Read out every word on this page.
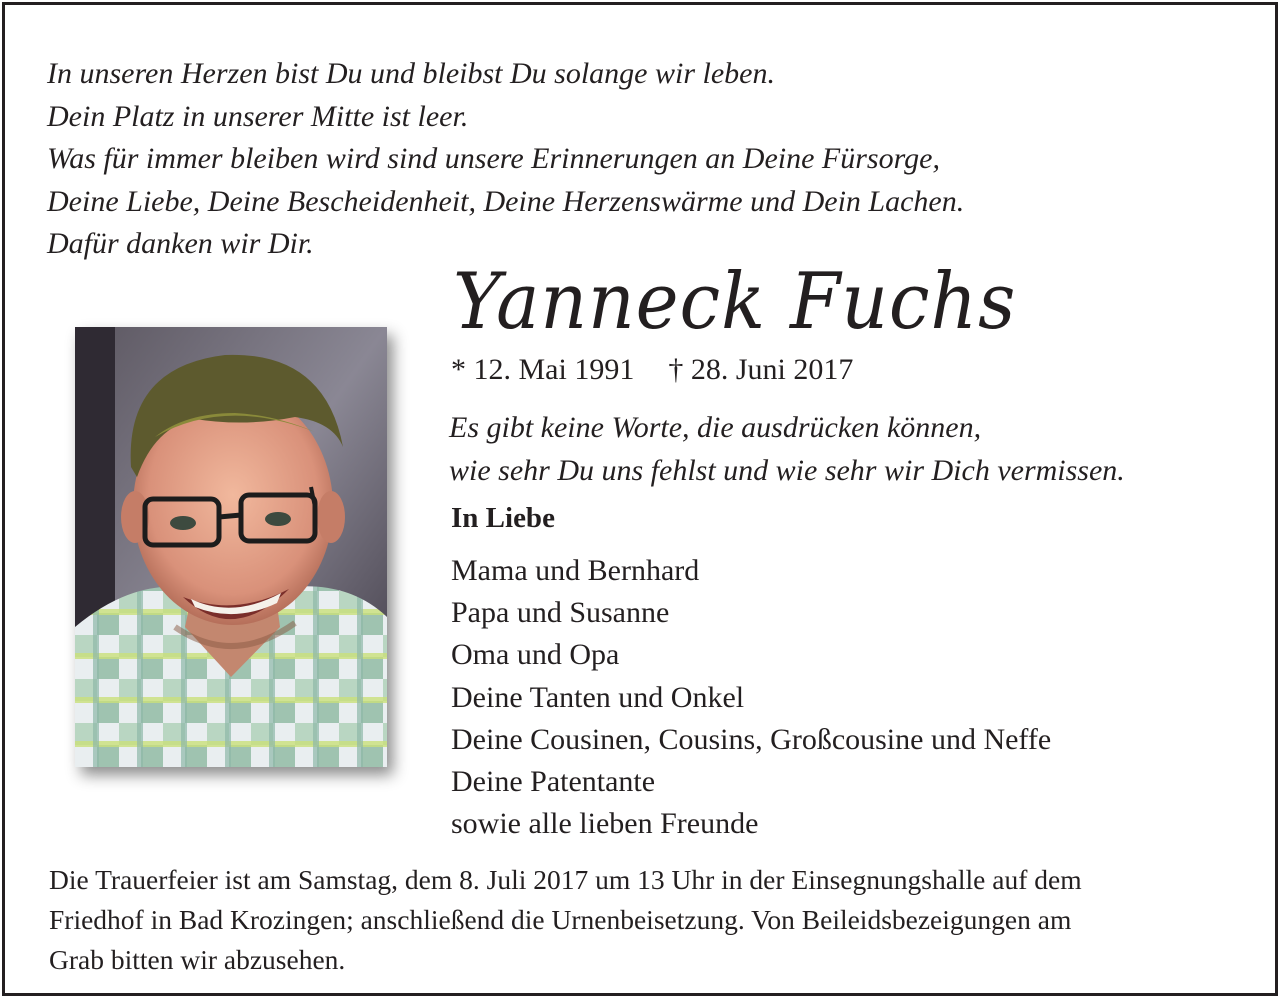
In unseren Herzen bist Du und bleibst Du solange wir leben.
Dein Platz in unserer Mitte ist leer.
Was für immer bleiben wird sind unsere Erinnerungen an Deine Fürsorge,
Deine Liebe, Deine Bescheidenheit, Deine Herzenswärme und Dein Lachen.
Dafür danken wir Dir.
Yanneck Fuchs
* 12. Mai 1991 † 28. Juni 2017
Es gibt keine Worte, die ausdrücken können,
wie sehr Du uns fehlst und wie sehr wir Dich vermissen.
In Liebe
Mama und Bernhard
Papa und Susanne
Oma und Opa
Deine Tanten und Onkel
Deine Cousinen, Cousins, Großcousine und Neffe
Deine Patentante
sowie alle lieben Freunde
Die Trauerfeier ist am Samstag, dem 8. Juli 2017 um 13 Uhr in der Einsegnungshalle auf dem
Friedhof in Bad Krozingen; anschließend die Urnenbeisetzung. Von Beileidsbezeigungen am
Grab bitten wir abzusehen.
